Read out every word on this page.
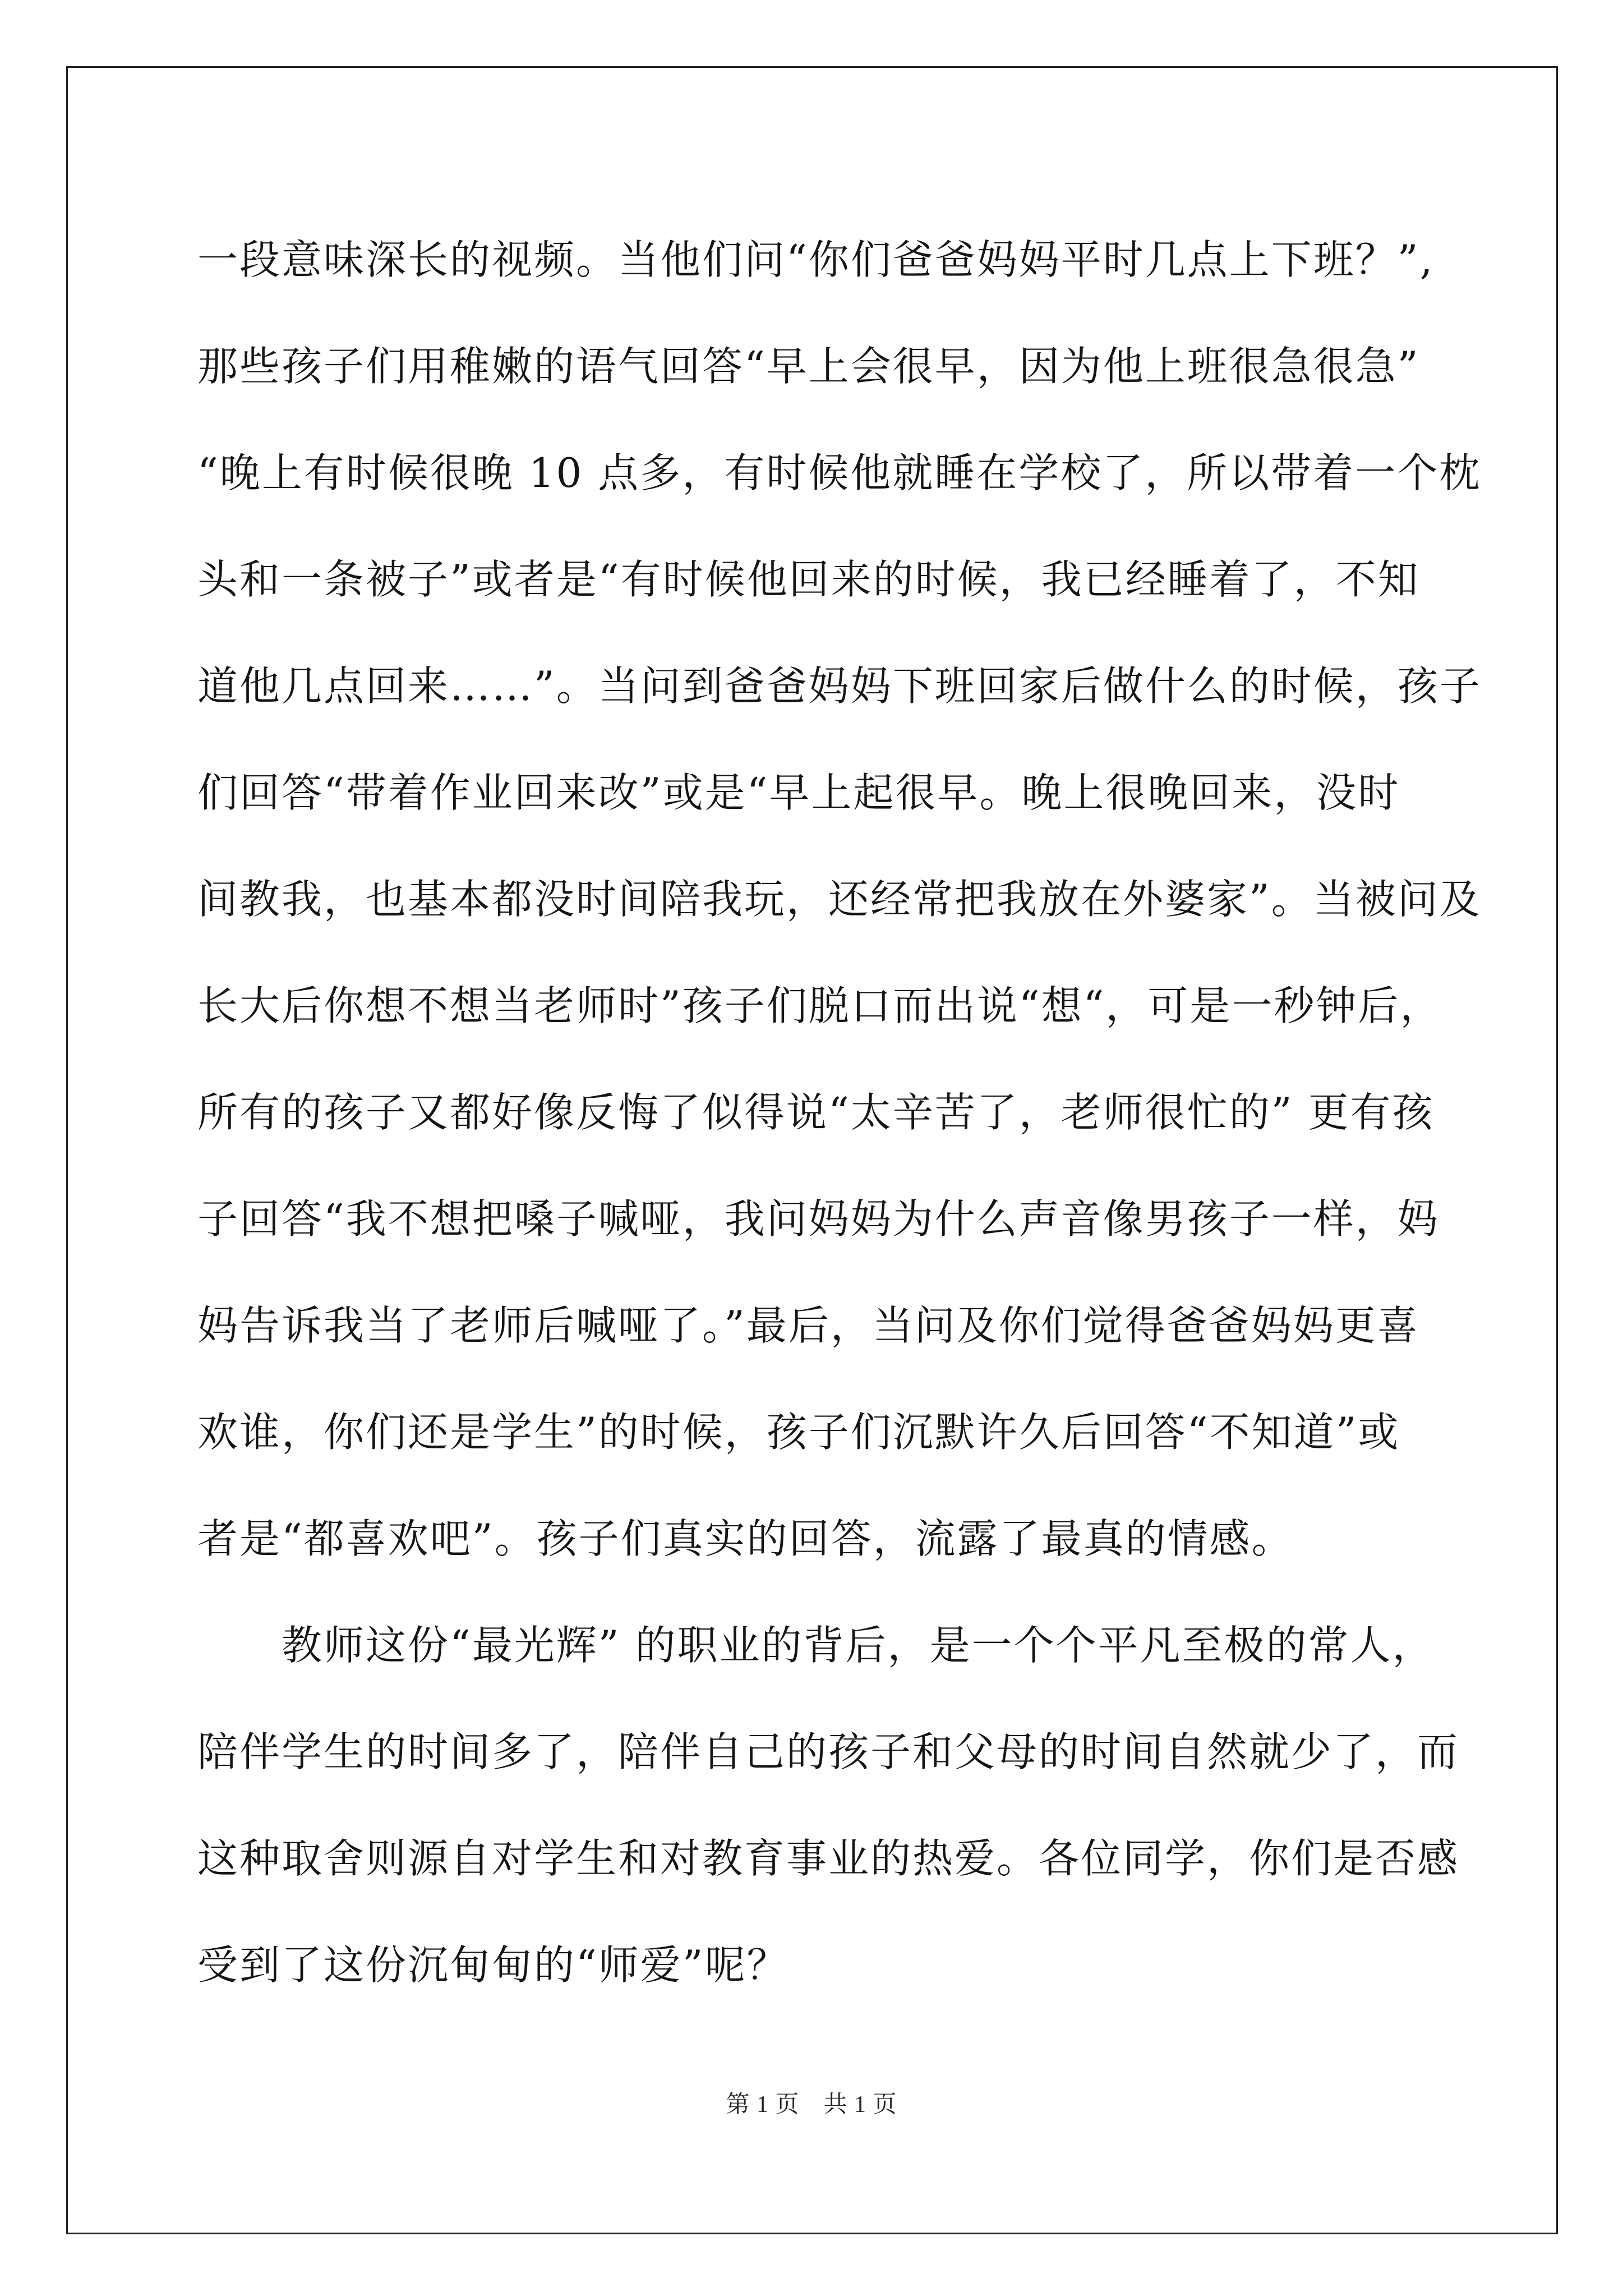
一段意味深长的视频。当他们问“你们爸爸妈妈平时几点上下班？”,
那些孩子们用稚嫩的语气回答“早上会很早，因为他上班很急很急”
“晚上有时候很晚 10 点多，有时候他就睡在学校了，所以带着一个枕
头和一条被子”或者是“有时候他回来的时候，我已经睡着了，不知
道他几点回来……”。当问到爸爸妈妈下班回家后做什么的时候，孩子
们回答“带着作业回来改”或是“早上起很早。晚上很晚回来，没时
间教我，也基本都没时间陪我玩，还经常把我放在外婆家”。当被问及
长大后你想不想当老师时”孩子们脱口而出说“想“，可是一秒钟后，
所有的孩子又都好像反悔了似得说“太辛苦了，老师很忙的” 更有孩
子回答“我不想把嗓子喊哑，我问妈妈为什么声音像男孩子一样，妈
妈告诉我当了老师后喊哑了。”最后，当问及你们觉得爸爸妈妈更喜
欢谁，你们还是学生”的时候，孩子们沉默许久后回答“不知道”或
者是“都喜欢吧”。孩子们真实的回答，流露了最真的情感。
　　教师这份“最光辉” 的职业的背后，是一个个平凡至极的常人，
陪伴学生的时间多了，陪伴自己的孩子和父母的时间自然就少了，而
这种取舍则源自对学生和对教育事业的热爱。各位同学，你们是否感
受到了这份沉甸甸的“师爱”呢？
第 1 页　共 1 页
